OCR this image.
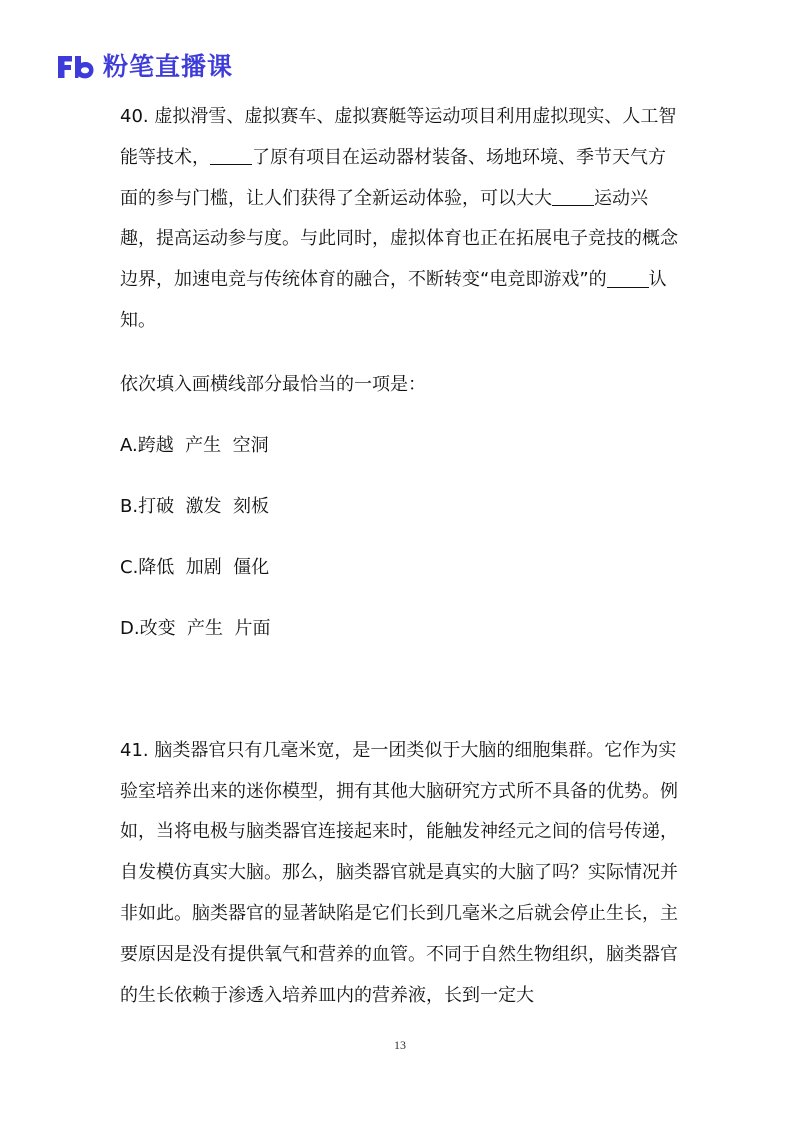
粉笔直播课

40. 虚拟滑雪、虚拟赛车、虚拟赛艇等运动项目利用虚拟现实、人工智能等技术， 了原有项目在运动器材装备、场地环境、季节天气方面的参与门槛，让人们获得了全新运动体验，可以大大 运动兴趣，提高运动参与度。与此同时，虚拟体育也正在拓展电子竞技的概念边界，加速电竞与传统体育的融合，不断转变“电竞即游戏”的 认知。

依次填入画横线部分最恰当的一项是：

A.跨越  产生  空洞

B.打破  激发  刻板

C.降低  加剧  僵化

D.改变  产生  片面

41. 脑类器官只有几毫米宽，是一团类似于大脑的细胞集群。它作为实验室培养出来的迷你模型，拥有其他大脑研究方式所不具备的优势。例如，当将电极与脑类器官连接起来时，能触发神经元之间的信号传递，自发模仿真实大脑。那么，脑类器官就是真实的大脑了吗？实际情况并非如此。脑类器官的显著缺陷是它们长到几毫米之后就会停止生长，主要原因是没有提供氧气和营养的血管。不同于自然生物组织，脑类器官的生长依赖于渗透入培养皿内的营养液，长到一定大

13
